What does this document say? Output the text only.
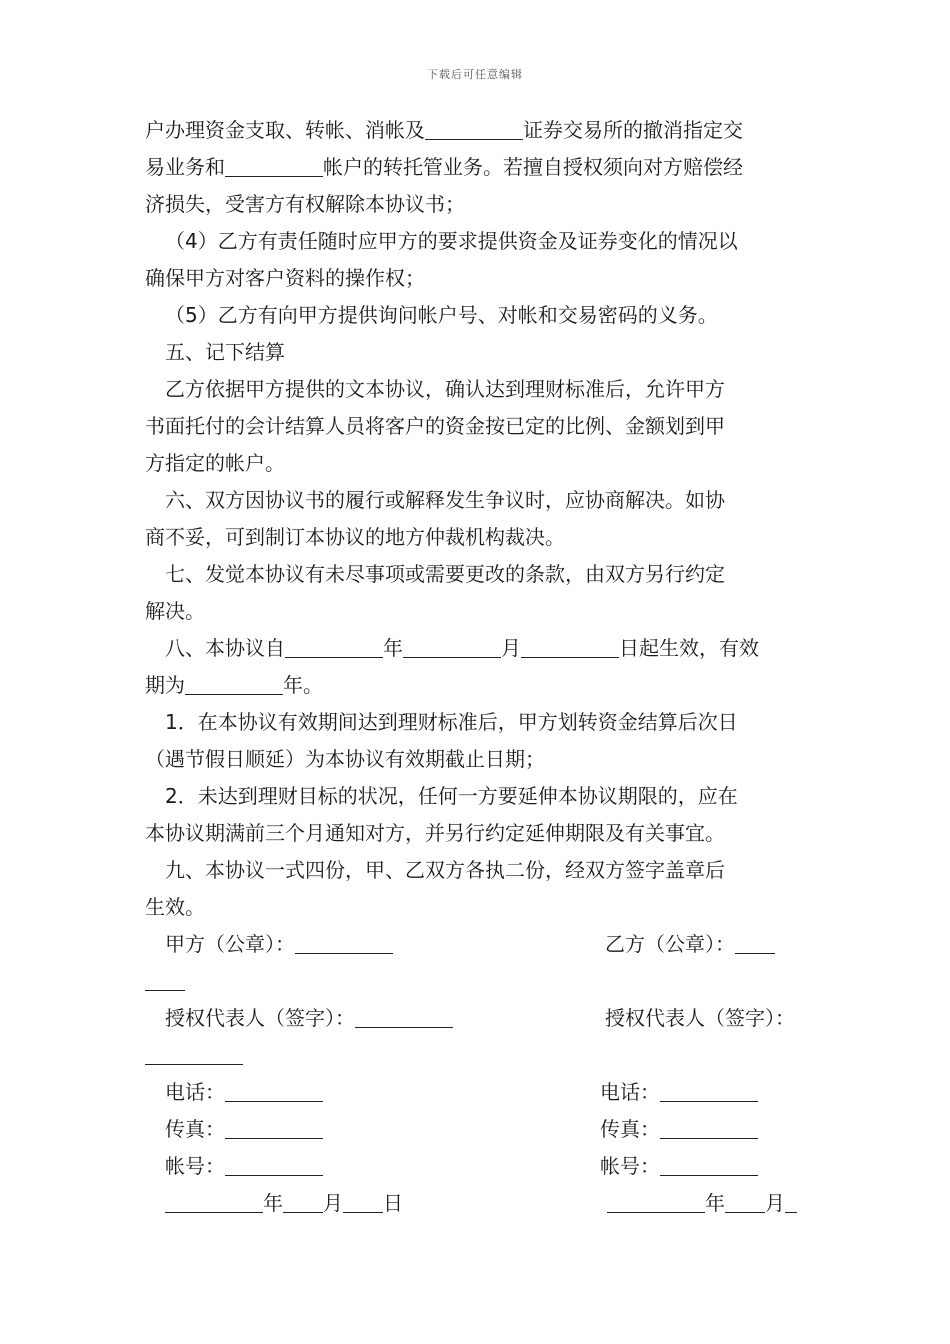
下载后可任意编辑

户办理资金支取、转帐、消帐及	证券交易所的撤消指定交

易业务和	帐户的转托管业务。若擅自授权须向对方赔偿经

济损失，受害方有权解除本协议书；

（4）乙方有责任随时应甲方的要求提供资金及证券变化的情况以

确保甲方对客户资料的操作权；

（5）乙方有向甲方提供询问帐户号、对帐和交易密码的义务。

五、记下结算

乙方依据甲方提供的文本协议，确认达到理财标准后，允许甲方

书面托付的会计结算人员将客户的资金按已定的比例、金额划到甲

方指定的帐户。

六、双方因协议书的履行或解释发生争议时，应协商解决。如协

商不妥，可到制订本协议的地方仲裁机构裁决。

七、发觉本协议有未尽事项或需要更改的条款，由双方另行约定

解决。

八、本协议自	年	月	日起生效，有效

期为	年。

1．在本协议有效期间达到理财标准后，甲方划转资金结算后次日

（遇节假日顺延）为本协议有效期截止日期；

2．未达到理财目标的状况，任何一方要延伸本协议期限的，应在

本协议期满前三个月通知对方，并另行约定延伸期限及有关事宜。

九、本协议一式四份，甲、乙双方各执二份，经双方签字盖章后

生效。

甲方（公章）：	乙方（公章）：
授权代表人（签字）：	授权代表人（签字）：
电话：	电话：
传真：	传真：
帐号：	帐号：
年 月 日	年 月
